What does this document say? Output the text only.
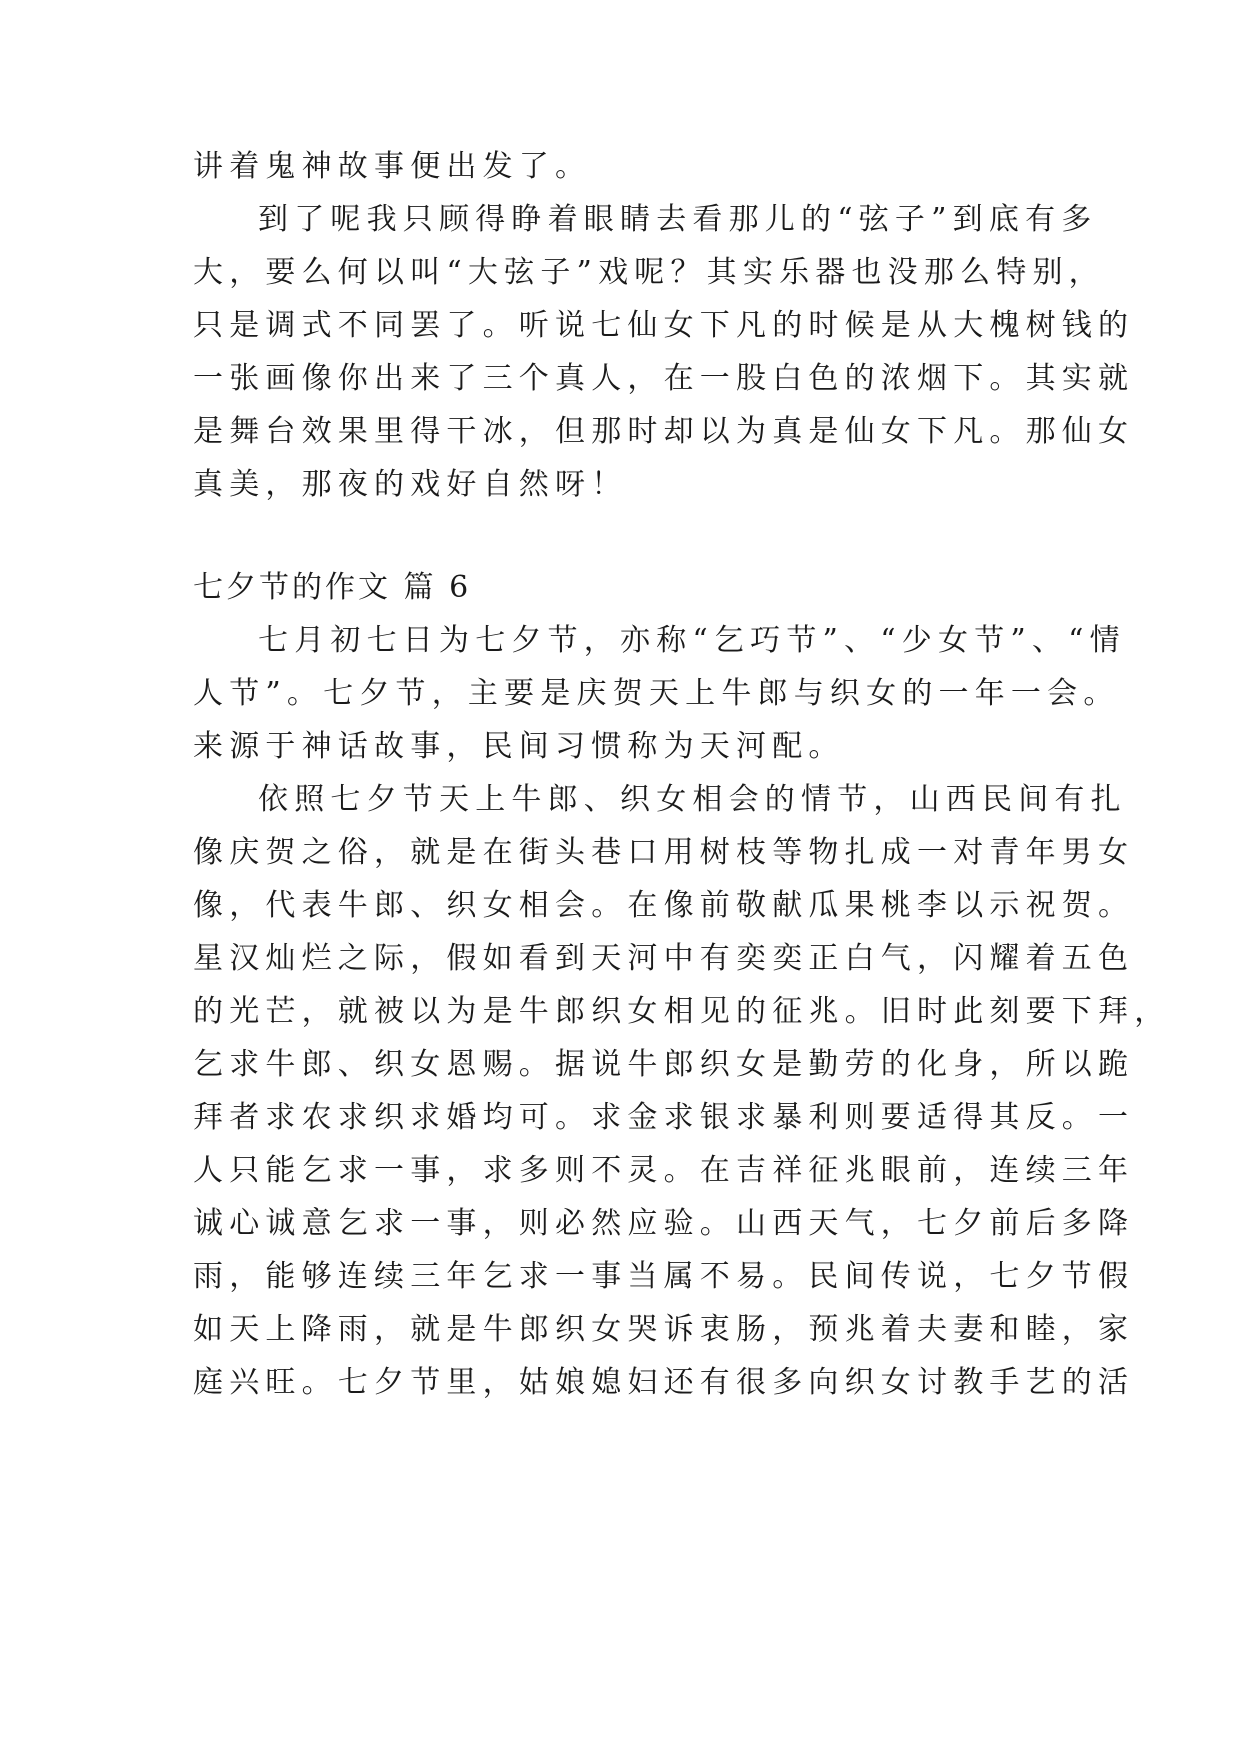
讲着鬼神故事便出发了。
到了呢我只顾得睁着眼睛去看那儿的“弦子”到底有多
大，要么何以叫“大弦子”戏呢？其实乐器也没那么特别，
只是调式不同罢了。听说七仙女下凡的时候是从大槐树钱的
一张画像你出来了三个真人，在一股白色的浓烟下。其实就
是舞台效果里得干冰，但那时却以为真是仙女下凡。那仙女
真美，那夜的戏好自然呀！
七夕节的作文 篇 6
七月初七日为七夕节，亦称“乞巧节”、“少女节”、“情
人节”。七夕节，主要是庆贺天上牛郎与织女的一年一会。
来源于神话故事，民间习惯称为天河配。
依照七夕节天上牛郎、织女相会的情节，山西民间有扎
像庆贺之俗，就是在街头巷口用树枝等物扎成一对青年男女
像，代表牛郎、织女相会。在像前敬献瓜果桃李以示祝贺。
星汉灿烂之际，假如看到天河中有奕奕正白气，闪耀着五色
的光芒，就被以为是牛郎织女相见的征兆。旧时此刻要下拜，
乞求牛郎、织女恩赐。据说牛郎织女是勤劳的化身，所以跪
拜者求农求织求婚均可。求金求银求暴利则要适得其反。一
人只能乞求一事，求多则不灵。在吉祥征兆眼前，连续三年
诚心诚意乞求一事，则必然应验。山西天气，七夕前后多降
雨，能够连续三年乞求一事当属不易。民间传说，七夕节假
如天上降雨，就是牛郎织女哭诉衷肠，预兆着夫妻和睦，家
庭兴旺。七夕节里，姑娘媳妇还有很多向织女讨教手艺的活
